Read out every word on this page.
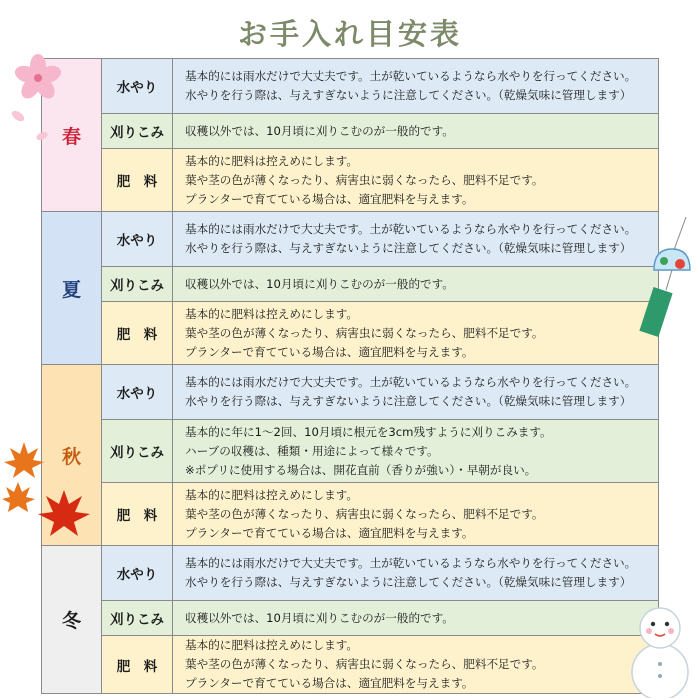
お手入れ目安表
春	水やり	基本的には雨水だけで大丈夫です。土が乾いているようなら水やりを行ってください。
水やりを行う際は、与えすぎないように注意してください。（乾燥気味に管理します）

	刈りこみ	収穫以外では、10月頃に刈りこむのが一般的です。

	肥　料	基本的に肥料は控えめにします。
葉や茎の色が薄くなったり、病害虫に弱くなったら、肥料不足です。
プランターで育てている場合は、適宜肥料を与えます。

夏	水やり	基本的には雨水だけで大丈夫です。土が乾いているようなら水やりを行ってください。
水やりを行う際は、与えすぎないように注意してください。（乾燥気味に管理します）

	刈りこみ	収穫以外では、10月頃に刈りこむのが一般的です。

	肥　料	基本的に肥料は控えめにします。
葉や茎の色が薄くなったり、病害虫に弱くなったら、肥料不足です。
プランターで育てている場合は、適宜肥料を与えます。

秋	水やり	基本的には雨水だけで大丈夫です。土が乾いているようなら水やりを行ってください。
水やりを行う際は、与えすぎないように注意してください。（乾燥気味に管理します）

	刈りこみ	基本的に年に1～2回、10月頃に根元を3cm残すように刈りこみます。
ハーブの収穫は、種類・用途によって様々です。
※ポプリに使用する場合は、開花直前（香りが強い）・早朝が良い。

	肥　料	基本的に肥料は控えめにします。
葉や茎の色が薄くなったり、病害虫に弱くなったら、肥料不足です。
プランターで育てている場合は、適宜肥料を与えます。

冬	水やり	基本的には雨水だけで大丈夫です。土が乾いているようなら水やりを行ってください。
水やりを行う際は、与えすぎないように注意してください。（乾燥気味に管理します）

	刈りこみ	収穫以外では、10月頃に刈りこむのが一般的です。

	肥　料	基本的に肥料は控えめにします。
葉や茎の色が薄くなったり、病害虫に弱くなったら、肥料不足です。
プランターで育てている場合は、適宜肥料を与えます。
